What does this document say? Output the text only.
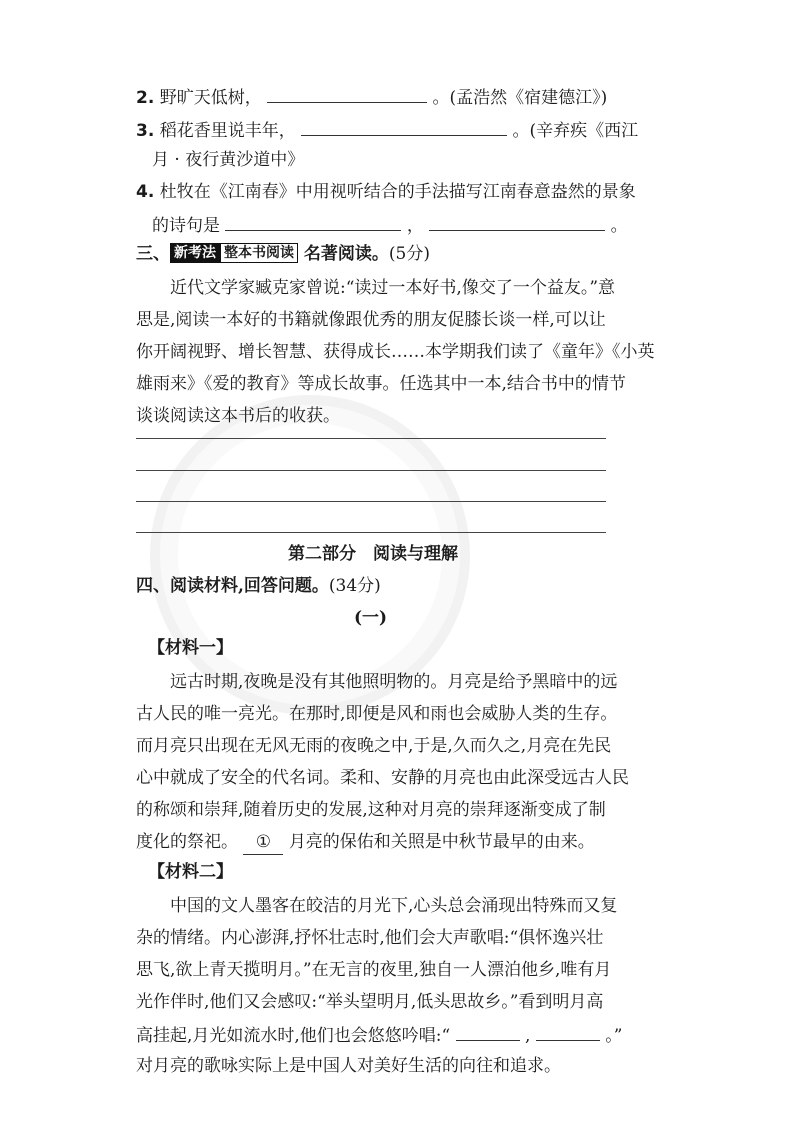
2. 野旷天低树，	。(孟浩然《宿建德江》)
3. 稻花香里说丰年，	。(辛弃疾《西江
月 · 夜行黄沙道中》
4. 杜牧在《江南春》中用视听结合的手法描写江南春意盎然的景象
的诗句是	，	。
三、 新考法 整本书阅读 名著阅读。(5分)
近代文学家臧克家曾说:“读过一本好书,像交了一个益友。”意
思是,阅读一本好的书籍就像跟优秀的朋友促膝长谈一样,可以让
你开阔视野、增长智慧、获得成长……本学期我们读了《童年》《小英
雄雨来》《爱的教育》等成长故事。任选其中一本,结合书中的情节
谈谈阅读这本书后的收获。
第二部分　阅读与理解
四、阅读材料,回答问题。(34分)
(一)
【材料一】
远古时期,夜晚是没有其他照明物的。月亮是给予黑暗中的远
古人民的唯一亮光。在那时,即便是风和雨也会威胁人类的生存。
而月亮只出现在无风无雨的夜晚之中,于是,久而久之,月亮在先民
心中就成了安全的代名词。柔和、安静的月亮也由此深受远古人民
的称颂和崇拜,随着历史的发展,这种对月亮的崇拜逐渐变成了制
度化的祭祀。 ① 月亮的保佑和关照是中秋节最早的由来。
【材料二】
中国的文人墨客在皎洁的月光下,心头总会涌现出特殊而又复
杂的情绪。内心澎湃,抒怀壮志时,他们会大声歌唱:“俱怀逸兴壮
思飞,欲上青天揽明月。”在无言的夜里,独自一人漂泊他乡,唯有月
光作伴时,他们又会感叹:“举头望明月,低头思故乡。”看到明月高
高挂起,月光如流水时,他们也会悠悠吟唱:“	,	。”
对月亮的歌咏实际上是中国人对美好生活的向往和追求。
